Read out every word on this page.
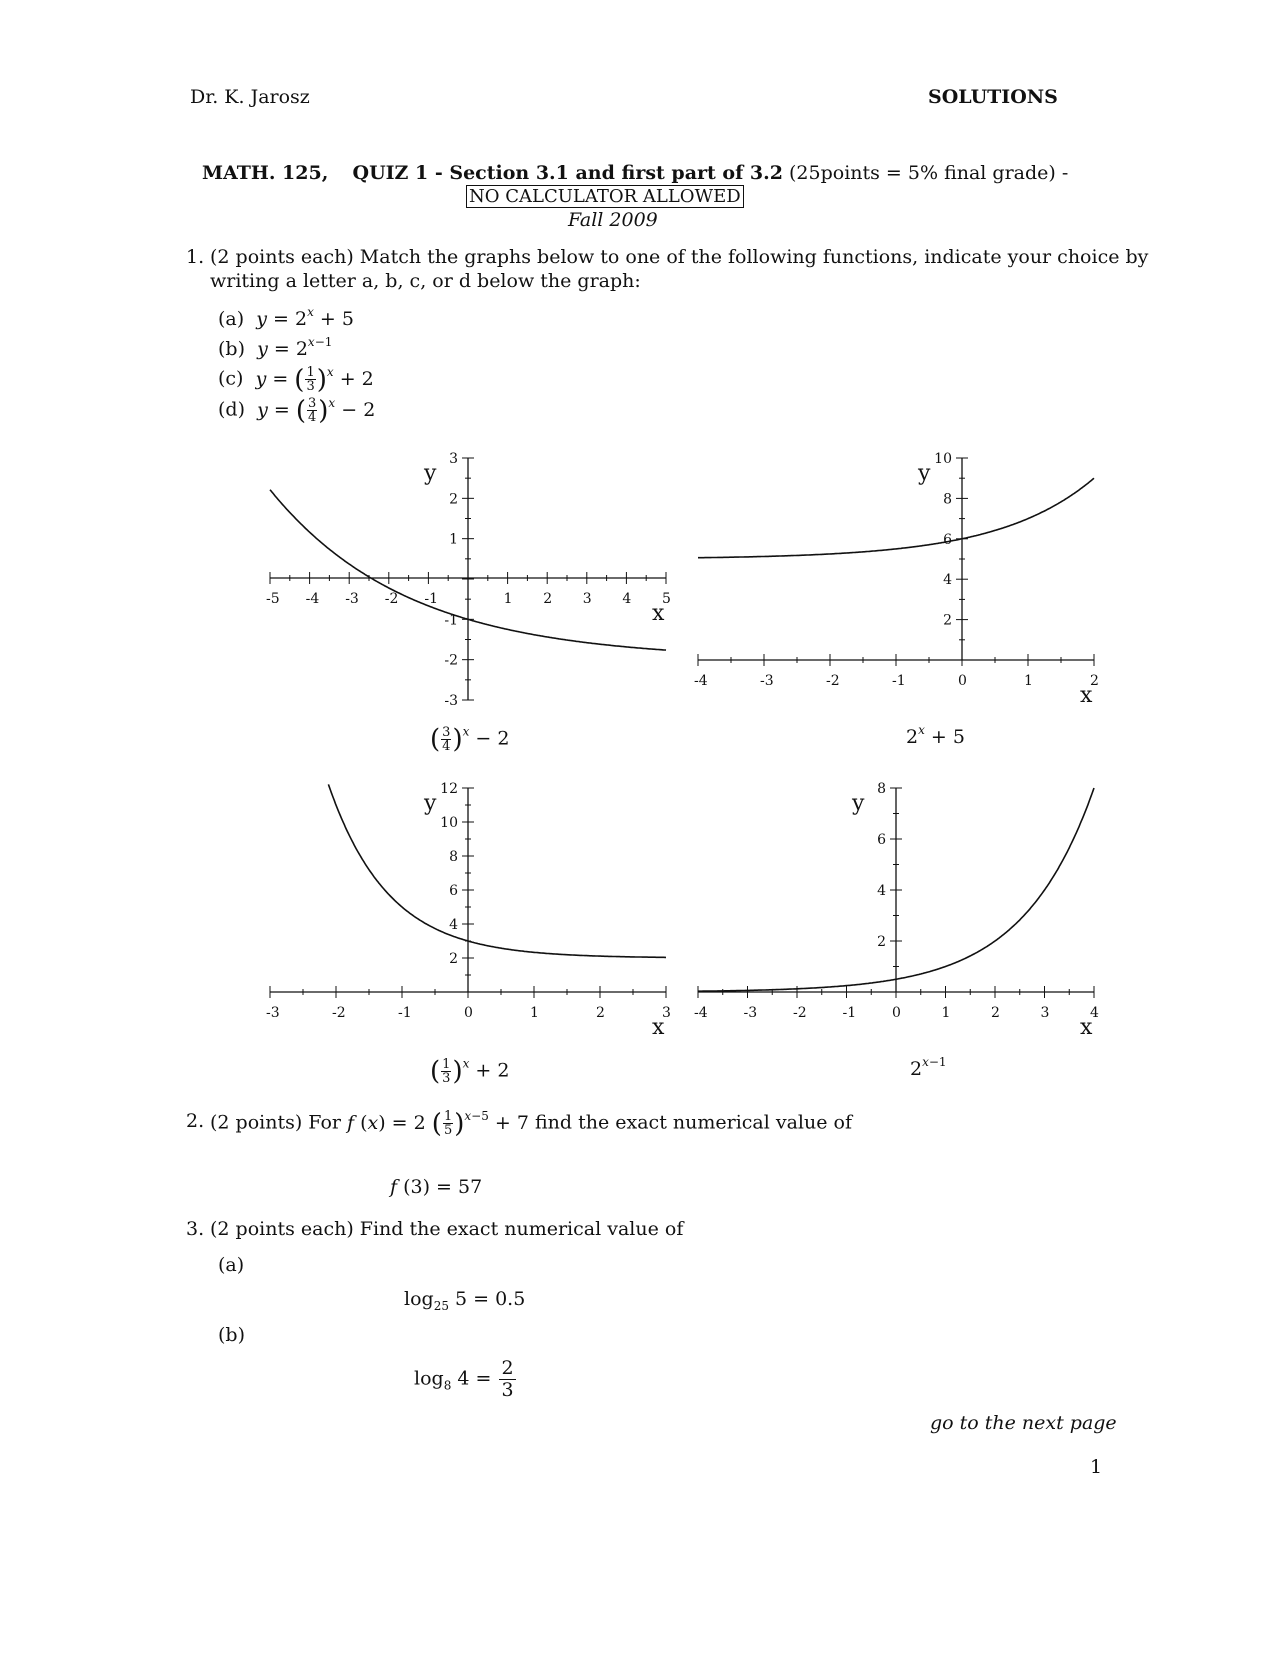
Dr. K. Jarosz	SOLUTIONS
MATH. 125, QUIZ 1 - Section 3.1 and first part of 3.2 (25points = 5% final grade) -
NO CALCULATOR ALLOWED
Fall 2009
1. (2 points each) Match the graphs below to one of the following functions, indicate your choice by
writing a letter a, b, c, or d below the graph:
(a) $y = 2^x + 5$
(b) $y = 2^{x-1}$
(c) y = ( $\frac{1}{3} )^x + 2$
(d) y = ( $\frac{3}{4} )^x - 2$
-5 -4 -3 -2 -1	1 2 3 4 5
3
2
1
-1
-2
-3
x
y
-4	-3	-2	-1	0	1	2
10
8
6
4
2
x
y
-3	-2	-1	0	1	2	3
12
10
8
6
4
2
x
y
-4	-3	-2	-1	0	1	2	3	4
8
6
4
2
x
y
( $\frac{3}{4} )^x - 2$	$2^x + 5$
( $\frac{1}{3} )^x + 2$	$2^{x-1}$
2. (2 points) For f (x) = 2 ( $\frac{1}{5} )^{x-5} + 7$ find the exact numerical value of
f (3) = 57
3. (2 points each) Find the exact numerical value of
(a)
$\log_{25} 5 = 0.5$
(b)
$\log_8 4 = \frac{2}{3}$
go to the next page
1
